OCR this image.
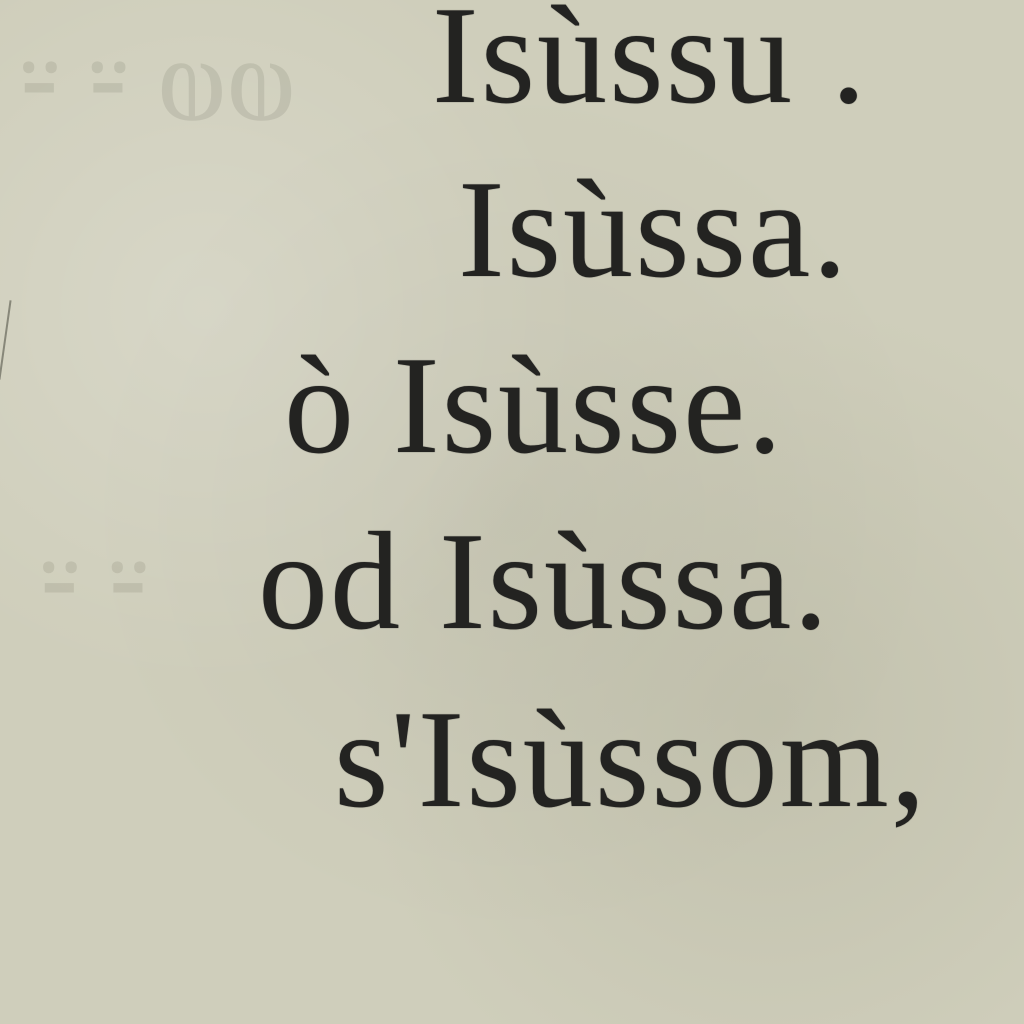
ⱷⱷ ⸚ ⸚
⸚ ⸚
Isùssu .
Isùssa.
ò Isùsse.
od Isùssa.
s'Isùssom,
